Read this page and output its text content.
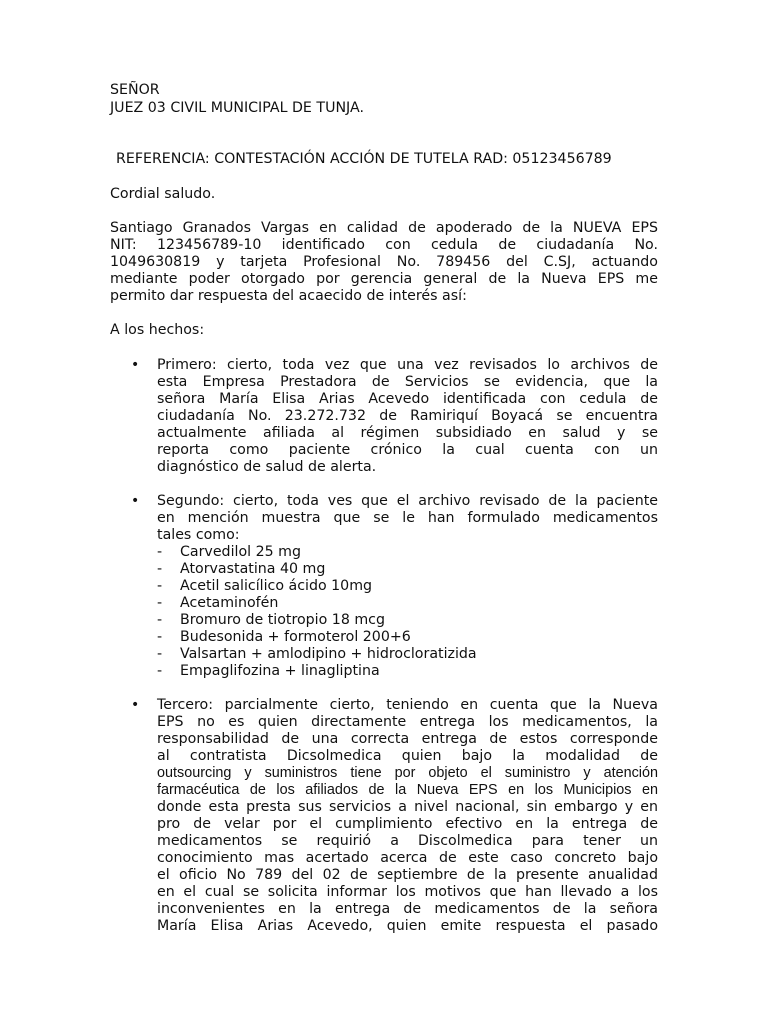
SEÑOR
JUEZ 03 CIVIL MUNICIPAL DE TUNJA.
REFERENCIA: CONTESTACIÓN ACCIÓN DE TUTELA RAD: 05123456789
Cordial saludo.
Santiago Granados Vargas en calidad de apoderado de la NUEVA EPS
NIT: 123456789-10 identificado con cedula de ciudadanía No.
1049630819 y tarjeta Profesional No. 789456 del C.SJ, actuando
mediante poder otorgado por gerencia general de la Nueva EPS me
permito dar respuesta del acaecido de interés así:
A los hechos:
• Primero: cierto, toda vez que una vez revisados lo archivos de
esta Empresa Prestadora de Servicios se evidencia, que la
señora María Elisa Arias Acevedo identificada con cedula de
ciudadanía No. 23.272.732 de Ramiriquí Boyacá se encuentra
actualmente afiliada al régimen subsidiado en salud y se
reporta como paciente crónico la cual cuenta con un
diagnóstico de salud de alerta.
• Segundo: cierto, toda ves que el archivo revisado de la paciente
en mención muestra que se le han formulado medicamentos
tales como:
-	Carvedilol 25 mg
-	Atorvastatina 40 mg
-	Acetil salicílico ácido 10mg
-	Acetaminofén
-	Bromuro de tiotropio 18 mcg
-	Budesonida + formoterol 200+6
-	Valsartan + amlodipino + hidrocloratizida
-	Empaglifozina + linagliptina
• Tercero: parcialmente cierto, teniendo en cuenta que la Nueva
EPS no es quien directamente entrega los medicamentos, la
responsabilidad de una correcta entrega de estos corresponde
al contratista Dicsolmedica quien bajo la modalidad de
outsourcing y suministros tiene por objeto el suministro y atención
farmacéutica de los afiliados de la Nueva EPS en los Municipios en
donde esta presta sus servicios a nivel nacional, sin embargo y en
pro de velar por el cumplimiento efectivo en la entrega de
medicamentos se requirió a Discolmedica para tener un
conocimiento mas acertado acerca de este caso concreto bajo
el oficio No 789 del 02 de septiembre de la presente anualidad
en el cual se solicita informar los motivos que han llevado a los
inconvenientes en la entrega de medicamentos de la señora
María Elisa Arias Acevedo, quien emite respuesta el pasado
